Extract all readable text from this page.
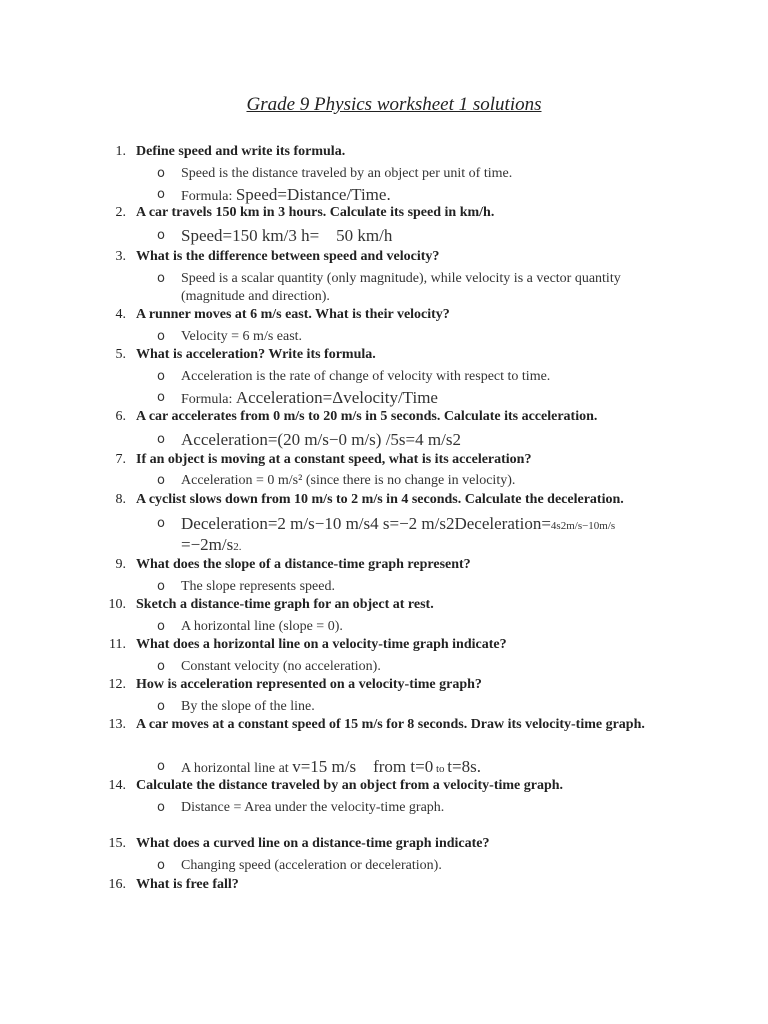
Grade 9 Physics worksheet 1 solutions
1. Define speed and write its formula.
o Speed is the distance traveled by an object per unit of time.
o Formula: Speed=Distance/Time.
2. A car travels 150 km in 3 hours. Calculate its speed in km/h.
o Speed=150 km/3 h=    50 km/h
3. What is the difference between speed and velocity?
o Speed is a scalar quantity (only magnitude), while velocity is a vector quantity (magnitude and direction).
4. A runner moves at 6 m/s east. What is their velocity?
o Velocity = 6 m/s east.
5. What is acceleration? Write its formula.
o Acceleration is the rate of change of velocity with respect to time.
o Formula: Acceleration=Δvelocity/Time
6. A car accelerates from 0 m/s to 20 m/s in 5 seconds. Calculate its acceleration.
o Acceleration=(20 m/s−0 m/s) /5s=4 m/s2
7. If an object is moving at a constant speed, what is its acceleration?
o Acceleration = 0 m/s² (since there is no change in velocity).
8. A cyclist slows down from 10 m/s to 2 m/s in 4 seconds. Calculate the deceleration.
o Deceleration=2 m/s−10 m/s4 s=−2 m/s2Deceleration=4s2m/s−10m/s
=−2m/s2.
9. What does the slope of a distance-time graph represent?
o The slope represents speed.
10. Sketch a distance-time graph for an object at rest.
o A horizontal line (slope = 0).
11. What does a horizontal line on a velocity-time graph indicate?
o Constant velocity (no acceleration).
12. How is acceleration represented on a velocity-time graph?
o By the slope of the line.
13. A car moves at a constant speed of 15 m/s for 8 seconds. Draw its velocity-time graph.
o A horizontal line at v=15 m/s    from t=0 to t=8s.
14. Calculate the distance traveled by an object from a velocity-time graph.
o Distance = Area under the velocity-time graph.
15. What does a curved line on a distance-time graph indicate?
o Changing speed (acceleration or deceleration).
16. What is free fall?
